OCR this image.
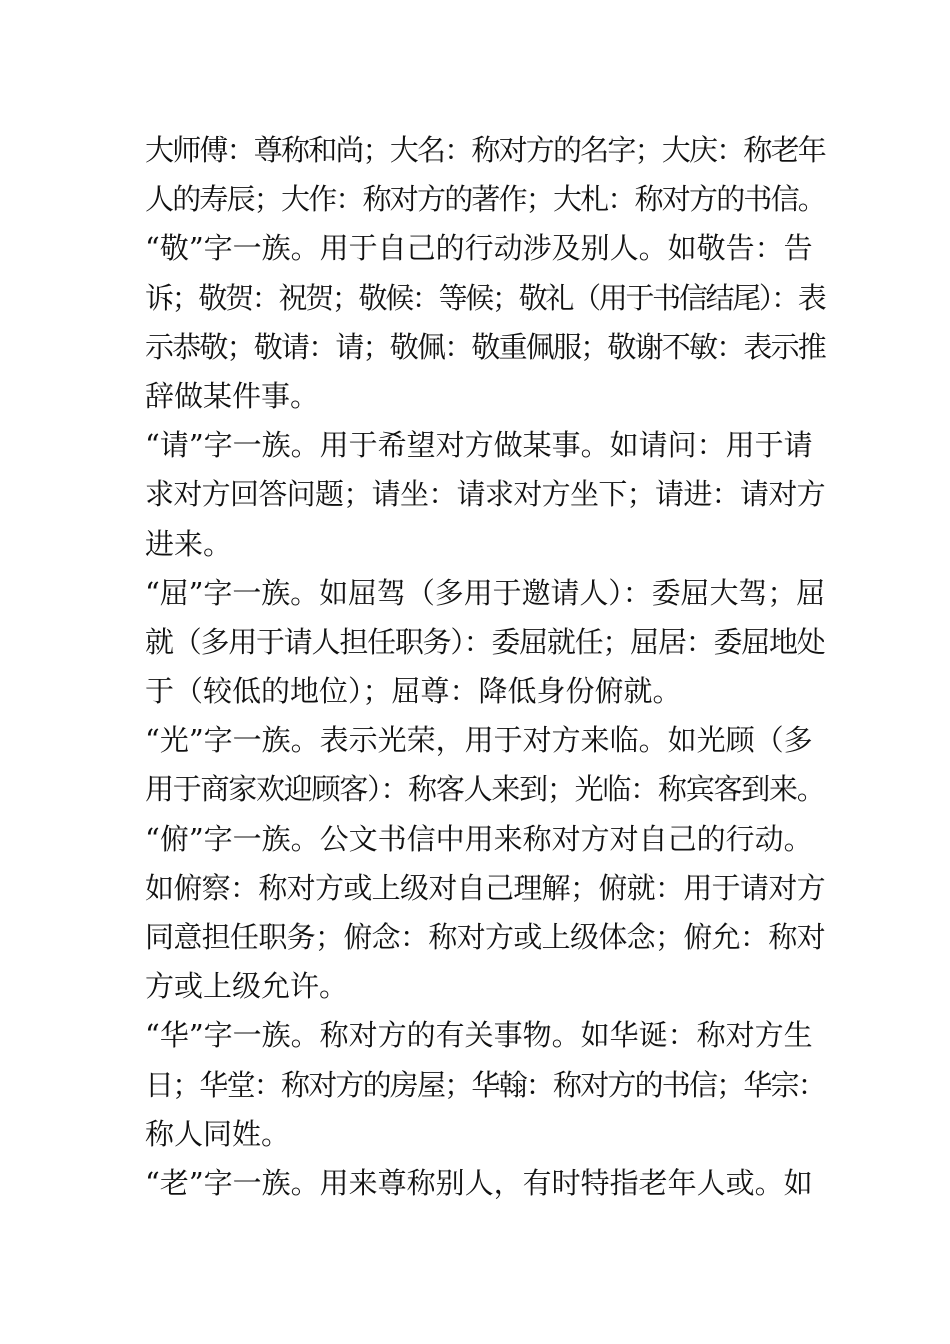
大师傅：尊称和尚；大名：称对方的名字；大庆：称老年
人的寿辰；大作：称对方的著作；大札：称对方的书信。
“敬”字一族。用于自己的行动涉及别人。如敬告：告
诉；敬贺：祝贺；敬候：等候；敬礼（用于书信结尾）：表
示恭敬；敬请：请；敬佩：敬重佩服；敬谢不敏：表示推
辞做某件事。
“请”字一族。用于希望对方做某事。如请问：用于请
求对方回答问题；请坐：请求对方坐下；请进：请对方
进来。
“屈”字一族。如屈驾（多用于邀请人）：委屈大驾；屈
就（多用于请人担任职务）：委屈就任；屈居：委屈地处
于（较低的地位）；屈尊：降低身份俯就。
“光”字一族。表示光荣，用于对方来临。如光顾（多
用于商家欢迎顾客）：称客人来到；光临：称宾客到来。
“俯”字一族。公文书信中用来称对方对自己的行动。
如俯察：称对方或上级对自己理解；俯就：用于请对方
同意担任职务；俯念：称对方或上级体念；俯允：称对
方或上级允许。
“华”字一族。称对方的有关事物。如华诞：称对方生
日；华堂：称对方的房屋；华翰：称对方的书信；华宗：
称人同姓。
“老”字一族。用来尊称别人，有时特指老年人或。如
